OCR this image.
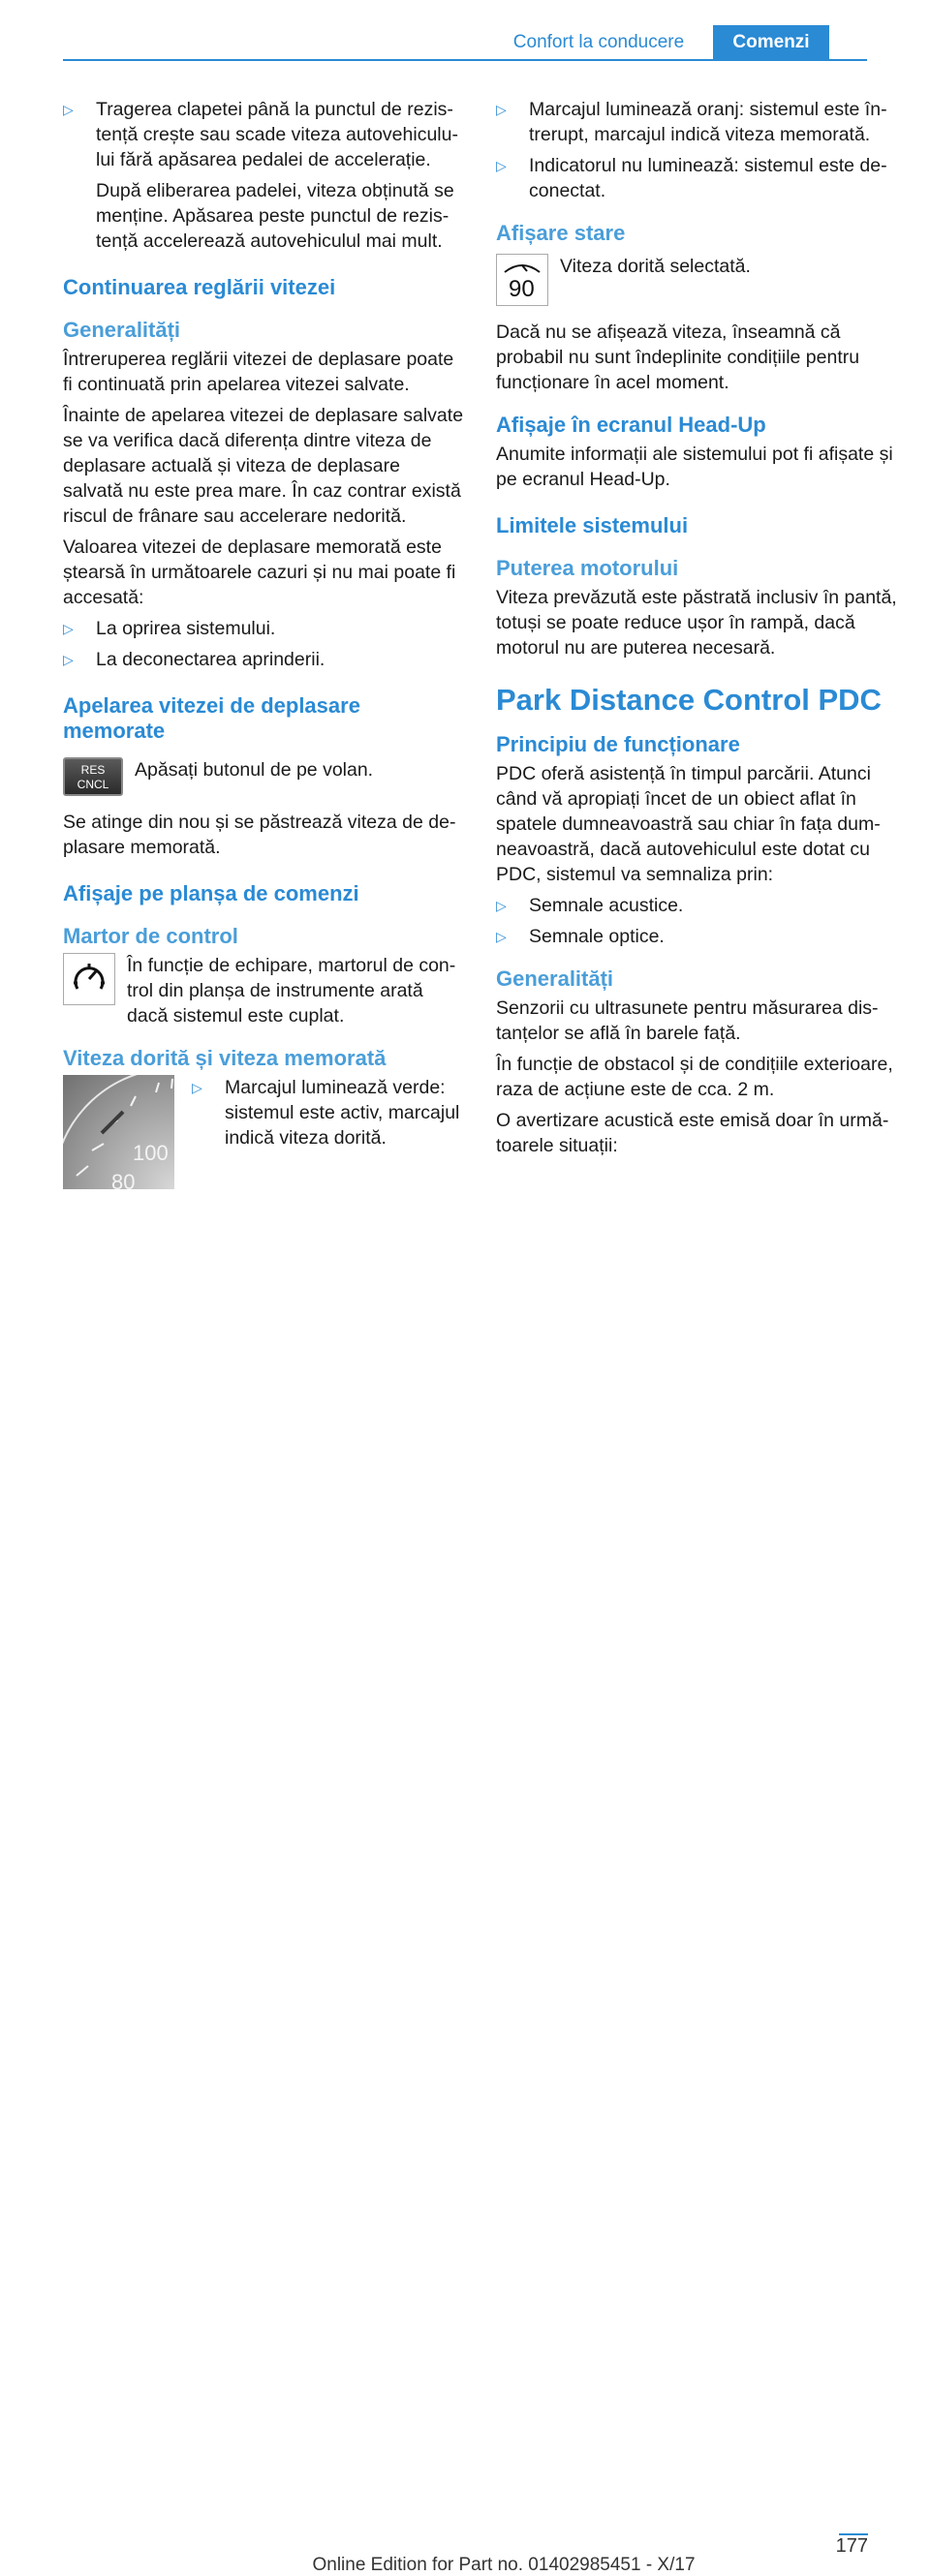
Confort la conducere	Comenzi
▷ Tragerea clapetei până la punctul de rezistență crește sau scade viteza autovehiculului fără apăsarea pedalei de accelerație.
După eliberarea padelei, viteza obținută se menține. Apăsarea peste punctul de rezistență accelerează autovehiculul mai mult.
Continuarea reglării vitezei
Generalități

Întreruperea reglării vitezei de deplasare poate fi continuată prin apelarea vitezei salvate.

Înainte de apelarea vitezei de deplasare salvate se va verifica dacă diferența dintre viteza de deplasare actuală și viteza de deplasare salvată nu este prea mare. În caz contrar există riscul de frânare sau accelerare nedorită.

Valoarea vitezei de deplasare memorată este ștearsă în următoarele cazuri și nu mai poate fi accesată:

▷ La oprirea sistemului.
▷ La deconectarea aprinderii.
Apelarea vitezei de deplasare memorate
RES
CNCL
Apăsați butonul de pe volan.

Se atinge din nou și se păstrează viteza de deplasare memorată.

Afișaje pe planșa de comenzi
Martor de control
În funcție de echipare, martorul de control din planșa de instrumente arată dacă sistemul este cuplat.
Viteza dorită și viteza memorată
100
80
▷ Marcajul luminează verde: sistemul este activ, marcajul indică viteza dorită.
▷ Marcajul luminează oranj: sistemul este întrerupt, marcajul indică viteza memorată.
▷ Indicatorul nu luminează: sistemul este deconectat.
Afișare stare
90
Viteza dorită selectată.

Dacă nu se afișează viteza, înseamnă că probabil nu sunt îndeplinite condițiile pentru funcționare în acel moment.

Afișaje în ecranul Head-Up

Anumite informații ale sistemului pot fi afișate și pe ecranul Head-Up.

Limitele sistemului
Puterea motorului

Viteza prevăzută este păstrată inclusiv în pantă, totuși se poate reduce ușor în rampă, dacă motorul nu are puterea necesară.

Park Distance Control PDC
Principiu de funcționare

PDC oferă asistență în timpul parcării. Atunci când vă apropiați încet de un obiect aflat în spatele dumneavoastră sau chiar în fața dumneavoastră, dacă autovehiculul este dotat cu PDC, sistemul va semnaliza prin:

▷ Semnale acustice.
▷ Semnale optice.
Generalități

Senzorii cu ultrasunete pentru măsurarea distanțelor se află în barele față.

În funcție de obstacol și de condițiile exterioare, raza de acțiune este de cca. 2 m.

O avertizare acustică este emisă doar în următoarele situații:

177
Online Edition for Part no. 01402985451 - X/17
